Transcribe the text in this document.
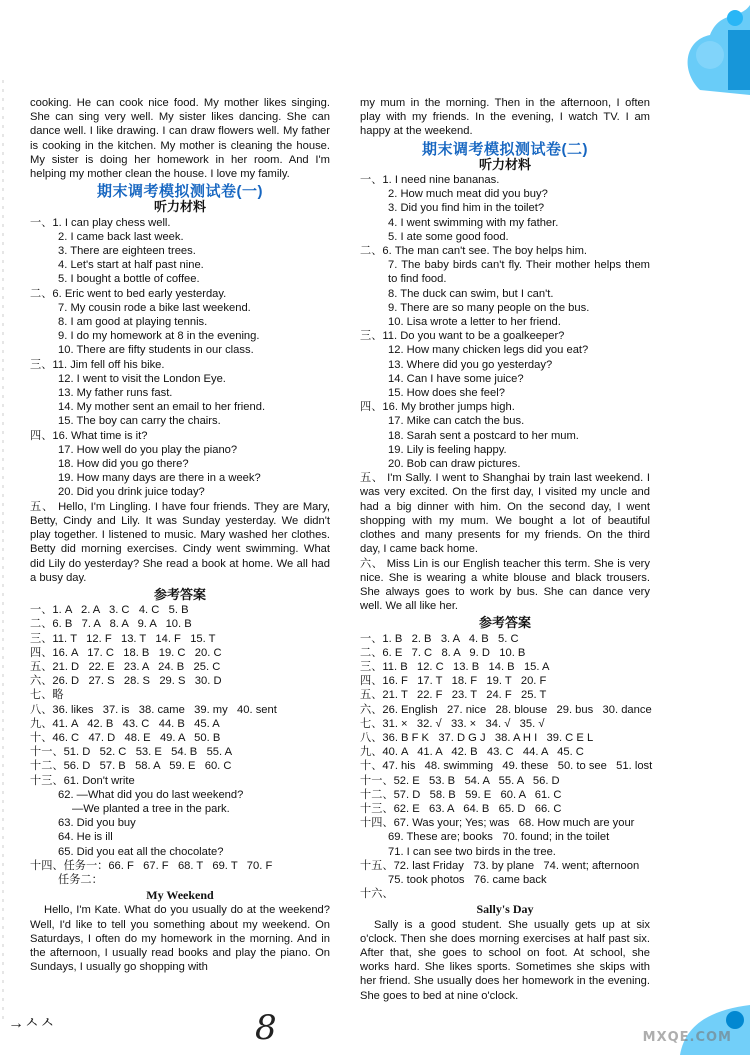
cooking. He can cook nice food. My mother likes singing. She can sing very well. My sister likes dancing. She can dance well. I like drawing. I can draw flowers well. My father is cooking in the kitchen. My mother is cleaning the house. My sister is doing her homework in her room. And I'm helping my mother clean the house. I love my family.

期末调考模拟测试卷(一)
听力材料
一、1. I can play chess well.
2. I came back last week.
3. There are eighteen trees.
4. Let's start at half past nine.
5. I bought a bottle of coffee.
二、6. Eric went to bed early yesterday.
7. My cousin rode a bike last weekend.
8. I am good at playing tennis.
9. I do my homework at 8 in the evening.
10. There are fifty students in our class.
三、11. Jim fell off his bike.
12. I went to visit the London Eye.
13. My father runs fast.
14. My mother sent an email to her friend.
15. The boy can carry the chairs.
四、16. What time is it?
17. How well do you play the piano?
18. How did you go there?
19. How many days are there in a week?
20. Did you drink juice today?

五、 Hello, I'm Lingling. I have four friends. They are Mary, Betty, Cindy and Lily. It was Sunday yesterday. We didn't play together. I listened to music. Mary washed her clothes. Betty did morning exercises. Cindy went swimming. What did Lily do yesterday? She read a book at home. We all had a busy day.

参考答案
一、1. A   2. A   3. C   4. C   5. B
二、6. B   7. A   8. A   9. A   10. B
三、11. T   12. F   13. T   14. F   15. T
四、16. A   17. C   18. B   19. C   20. C
五、21. D   22. E   23. A   24. B   25. C
六、26. D   27. S   28. S   29. S   30. D
七、略
八、36. likes   37. is   38. came   39. my   40. sent
九、41. A   42. B   43. C   44. B   45. A
十、46. C   47. D   48. E   49. A   50. B
十一、51. D   52. C   53. E   54. B   55. A
十二、56. D   57. B   58. A   59. E   60. C
十三、61. Don't write
62. —What did you do last weekend?
—We planted a tree in the park.
63. Did you buy
64. He is ill
65. Did you eat all the chocolate?
十四、任务一：66. F   67. F   68. T   69. T   70. F
任务二：
My Weekend

Hello, I'm Kate. What do you usually do at the weekend? Well, I'd like to tell you something about my weekend. On Saturdays, I often do my homework in the morning. And in the afternoon, I usually read books and play the piano. On Sundays, I usually go shopping with

my mum in the morning. Then in the afternoon, I often play with my friends. In the evening, I watch TV. I am happy at the weekend.

期末调考模拟测试卷(二)
听力材料
一、1. I need nine bananas.
2. How much meat did you buy?
3. Did you find him in the toilet?
4. I went swimming with my father.
5. I ate some good food.
二、6. The man can't see. The boy helps him.
7. The baby birds can't fly. Their mother helps them to find food.
8. The duck can swim, but I can't.
9. There are so many people on the bus.
10. Lisa wrote a letter to her friend.
三、11. Do you want to be a goalkeeper?
12. How many chicken legs did you eat?
13. Where did you go yesterday?
14. Can I have some juice?
15. How does she feel?
四、16. My brother jumps high.
17. Mike can catch the bus.
18. Sarah sent a postcard to her mum.
19. Lily is feeling happy.
20. Bob can draw pictures.

五、 I'm Sally. I went to Shanghai by train last weekend. I was very excited. On the first day, I visited my uncle and had a big dinner with him. On the second day, I went shopping with my mum. We bought a lot of beautiful clothes and many presents for my friends. On the third day, I came back home.

六、 Miss Lin is our English teacher this term. She is very nice. She is wearing a white blouse and black trousers. She always goes to work by bus. She can dance very well. We all like her.

参考答案
一、1. B   2. B   3. A   4. B   5. C
二、6. E   7. C   8. A   9. D   10. B
三、11. B   12. C   13. B   14. B   15. A
四、16. F   17. T   18. F   19. T   20. F
五、21. T   22. F   23. T   24. F   25. T
六、26. English   27. nice   28. blouse   29. bus   30. dance
七、31. ×   32. √   33. ×   34. √   35. √
八、36. B F K   37. D G J   38. A H I   39. C E L
九、40. A   41. A   42. B   43. C   44. A   45. C
十、47. his   48. swimming   49. these   50. to see   51. lost
十一、52. E   53. B   54. A   55. A   56. D
十二、57. D   58. B   59. E   60. A   61. C
十三、62. E   63. A   64. B   65. D   66. C
十四、67. Was your; Yes; was   68. How much are your
69. These are; books   70. found; in the toilet
71. I can see two birds in the tree.
十五、72. last Friday   73. by plane   74. went; afternoon
75. took photos   76. came back
十六、
Sally's Day

Sally is a good student. She usually gets up at six o'clock. Then she does morning exercises at half past six. After that, she goes to school on foot. At school, she works hard. She likes sports. Sometimes she skips with her friend. She usually does her homework in the evening. She goes to bed at nine o'clock.

→ㅅㅅ	8	MXQE.COM
